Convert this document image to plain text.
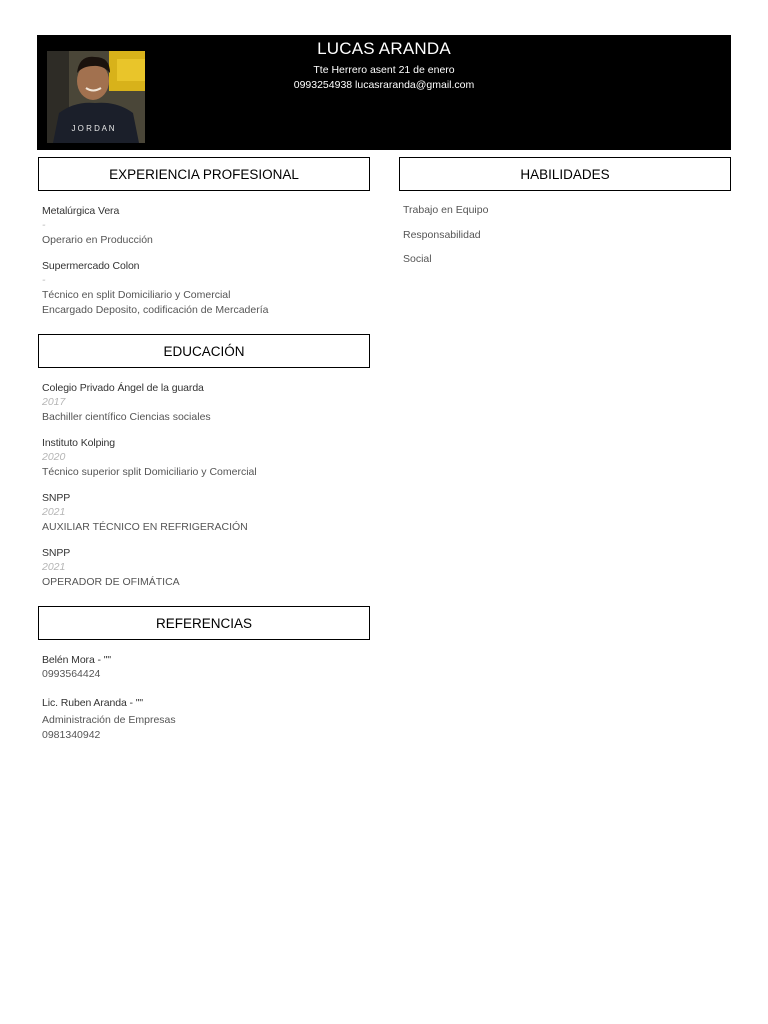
J O R D A N
LUCAS ARANDA
Tte Herrero asent 21 de enero
0993254938 lucasraranda@gmail.com
EXPERIENCIA PROFESIONAL
Metalúrgica Vera
-
Operario en Producción
Supermercado Colon
-
Técnico en split Domiciliario y Comercial
Encargado Deposito, codificación de Mercadería
HABILIDADES
Trabajo en Equipo
Responsabilidad
Social
EDUCACIÓN
Colegio Privado Ángel de la guarda
2017
Bachiller científico Ciencias sociales
Instituto Kolping
2020
Técnico superior split Domiciliario y Comercial
SNPP
2021
AUXILIAR TÉCNICO EN REFRIGERACIÓN
SNPP
2021
OPERADOR DE OFIMÁTICA
REFERENCIAS
Belén Mora - ""
0993564424
Lic. Ruben Aranda - ""
Administración de Empresas
0981340942
